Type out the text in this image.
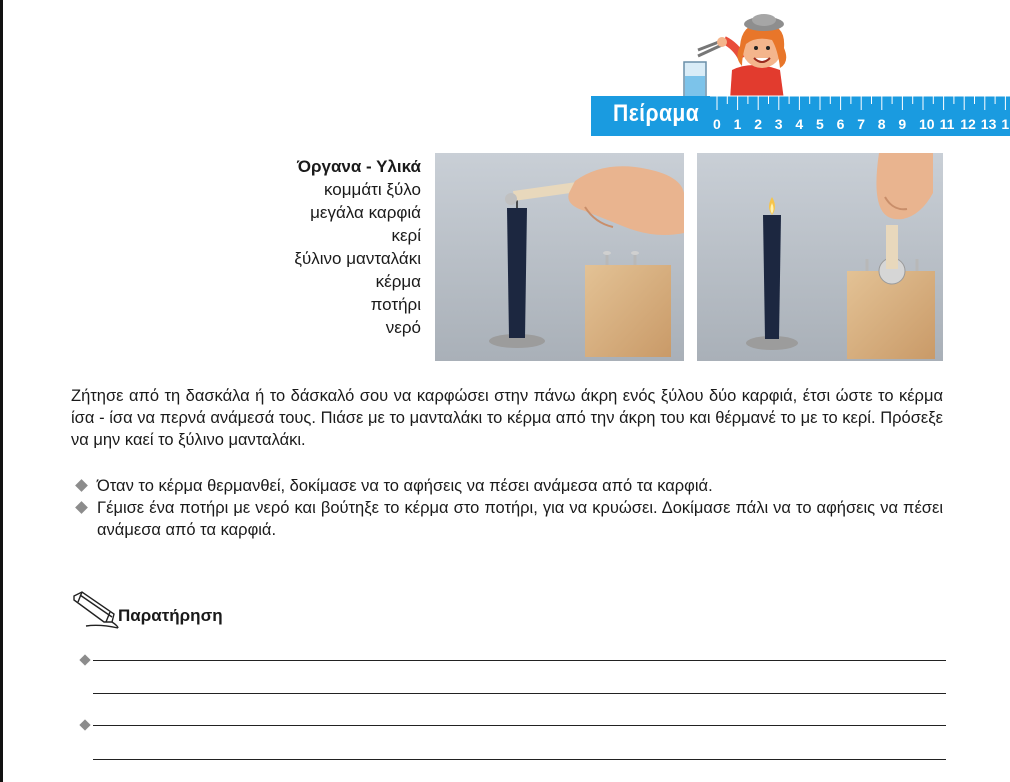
Πείραμα 0 1 2 3 4 5 6 7 8 9 10 11 12 13 1
Όργανα - Υλικά
κομμάτι ξύλο
μεγάλα καρφιά
κερί
ξύλινο μανταλάκι
κέρμα
ποτήρι
νερό
Ζήτησε από τη δασκάλα ή το δάσκαλό σου να καρφώσει στην πάνω άκρη ενός ξύλου δύο καρφιά, έτσι ώστε το κέρμα ίσα - ίσα να περνά ανάμεσά τους. Πιάσε με το μανταλάκι το κέρμα από την άκρη του και θέρμανέ το με το κερί. Πρόσεξε να μην καεί το ξύλινο μανταλάκι.
Όταν το κέρμα θερμανθεί, δοκίμασε να το αφήσεις να πέσει ανάμεσα από τα καρφιά.
Γέμισε ένα ποτήρι με νερό και βούτηξε το κέρμα στο ποτήρι, για να κρυώσει. Δοκίμασε πάλι να το αφήσεις να πέσει ανάμεσα από τα καρφιά.
Παρατήρηση
